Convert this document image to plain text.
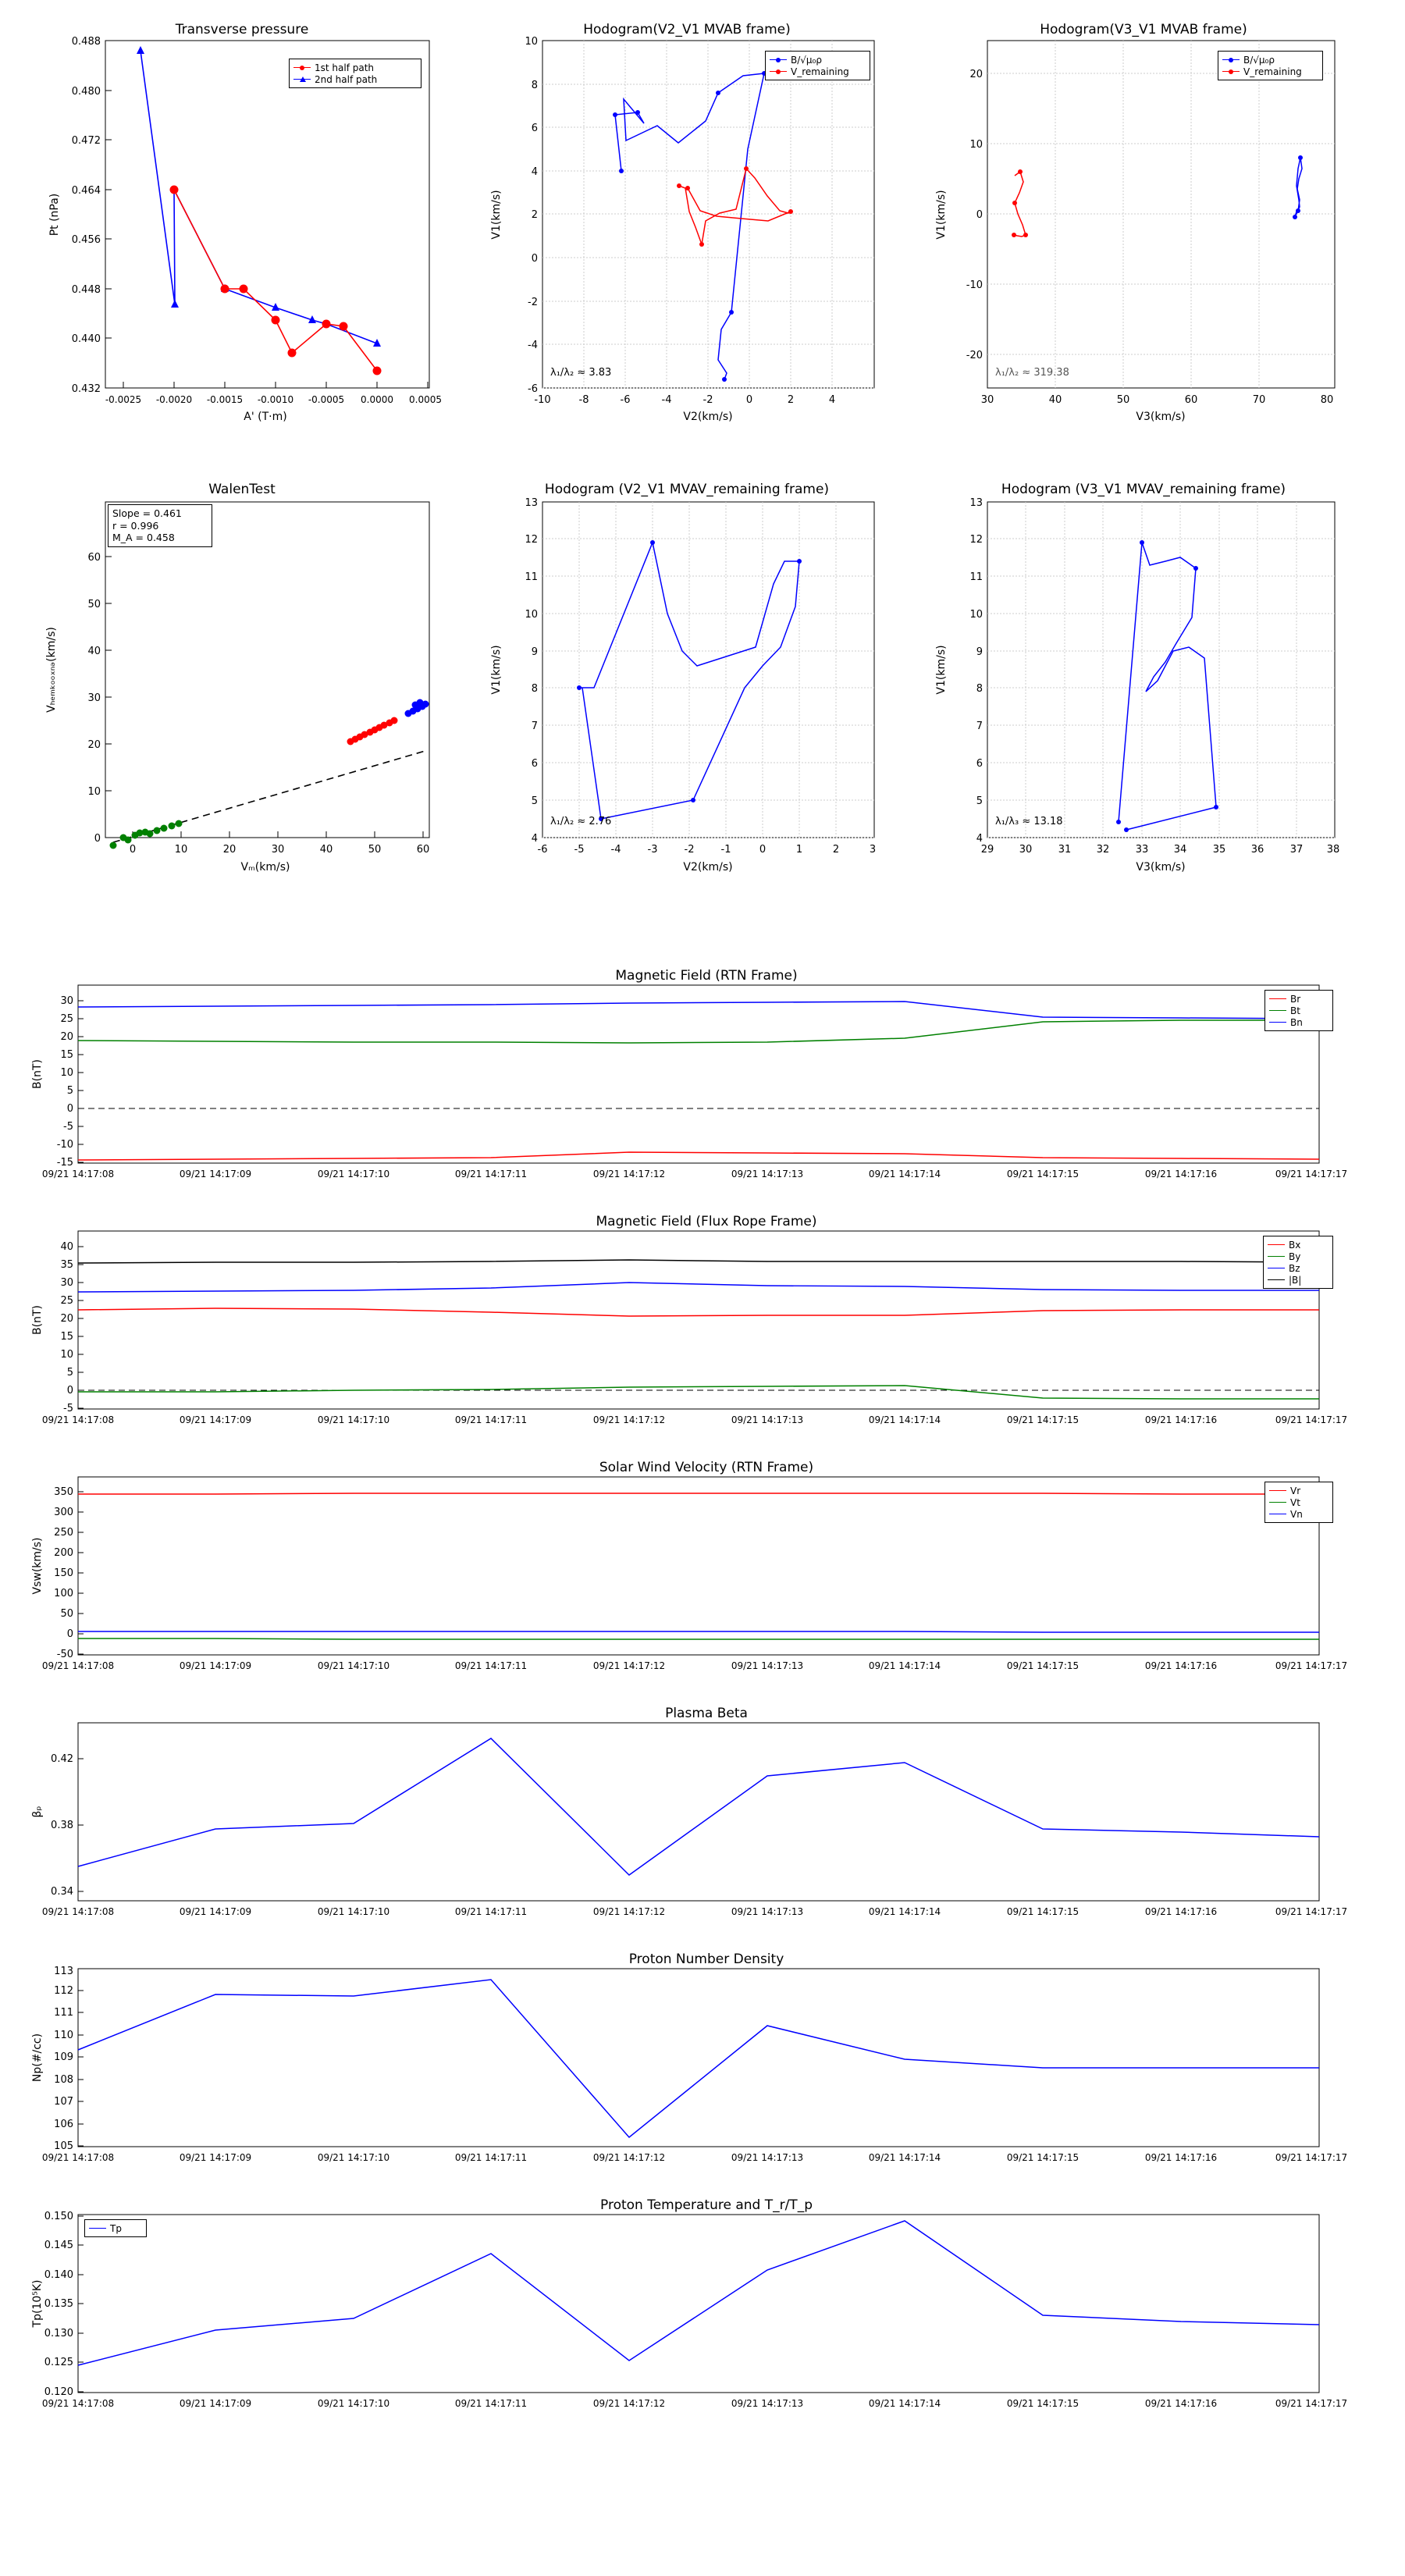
Transverse pressure
0.432
0.440
0.448
0.456
0.464
0.472
0.480
0.488
-0.0025 -0.0020 -0.0015 -0.0010 -0.0005 0.0000 0.0005
A' (T·m)
Pt (nPa)
1st half path
2nd half path
Hodogram(V2_V1 MVAB frame)
-6
-4
-2
0
2
4
6
8
10
-10	-8	-6	-4	-2	0	2	4
V2(km/s)
V1(km/s)
B/√μ₀ρ
V_remaining
λ₁/λ₂ ≈ 3.83
Hodogram(V3_V1 MVAB frame)
-20
-10
0
10
20
30	40	50	60	70	80
V3(km/s)
V1(km/s)
B/√μ₀ρ
V_remaining
λ₁/λ₂ ≈ 319.38
WalenTest
0
10
20
30
40
50
60
0	10	20	30	40	50	60
Vₘ(km/s)
Vₕₑₘₖₒₒₓₙₔ(km/s)
Slope = 0.461
r = 0.996
M_A = 0.458
Hodogram (V2_V1 MVAV_remaining frame)
4
5
6
7
8
9
10
11
12
13
-6	-5	-4	-3	-2	-1	0	1	2	3
V2(km/s)
V1(km/s)
λ₁/λ₂ ≈ 2.76
Hodogram (V3_V1 MVAV_remaining frame)
4
5
6
7
8
9
10
11
12
13
29 30	31 32	33 34	35 36	37 38
V3(km/s)
V1(km/s)
λ₁/λ₃ ≈ 13.18
Magnetic Field (RTN Frame)
-15
-10
-5
0
5
10
15
20
25
30
09/21 14:17:08	09/21 14:17:09	09/21 14:17:10	09/21 14:17:11	09/21 14:17:12	09/21 14:17:13	09/21 14:17:14	09/21 14:17:15	09/21 14:17:16	09/21 14:17:17
B(nT)
Br
Bt
Bn
Magnetic Field (Flux Rope Frame)
-5
0
5
10
15
20
25
30
35
40
09/21 14:17:08	09/21 14:17:09	09/21 14:17:10	09/21 14:17:11	09/21 14:17:12	09/21 14:17:13	09/21 14:17:14	09/21 14:17:15	09/21 14:17:16	09/21 14:17:17
B(nT)
Bx
By
Bz
|B|
Solar Wind Velocity (RTN Frame)
-50
0
50
100
150
200
250
300
350
09/21 14:17:08	09/21 14:17:09	09/21 14:17:10	09/21 14:17:11	09/21 14:17:12	09/21 14:17:13	09/21 14:17:14	09/21 14:17:15	09/21 14:17:16	09/21 14:17:17
Vsw(km/s)
Vr
Vt
Vn
Plasma Beta
0.34
0.38
0.42
09/21 14:17:08	09/21 14:17:09	09/21 14:17:10	09/21 14:17:11	09/21 14:17:12	09/21 14:17:13	09/21 14:17:14	09/21 14:17:15	09/21 14:17:16	09/21 14:17:17
βₚ
Proton Number Density
105
106
107
108
109
110
111
112
113
09/21 14:17:08	09/21 14:17:09	09/21 14:17:10	09/21 14:17:11	09/21 14:17:12	09/21 14:17:13	09/21 14:17:14	09/21 14:17:15	09/21 14:17:16	09/21 14:17:17
Np(#/cc)
Proton Temperature and T_r/T_p
0.120
0.125
0.130
0.135
0.140
0.145
0.150
09/21 14:17:08	09/21 14:17:09	09/21 14:17:10	09/21 14:17:11	09/21 14:17:12	09/21 14:17:13	09/21 14:17:14	09/21 14:17:15	09/21 14:17:16	09/21 14:17:17
Tp(10⁵K)
Tp
